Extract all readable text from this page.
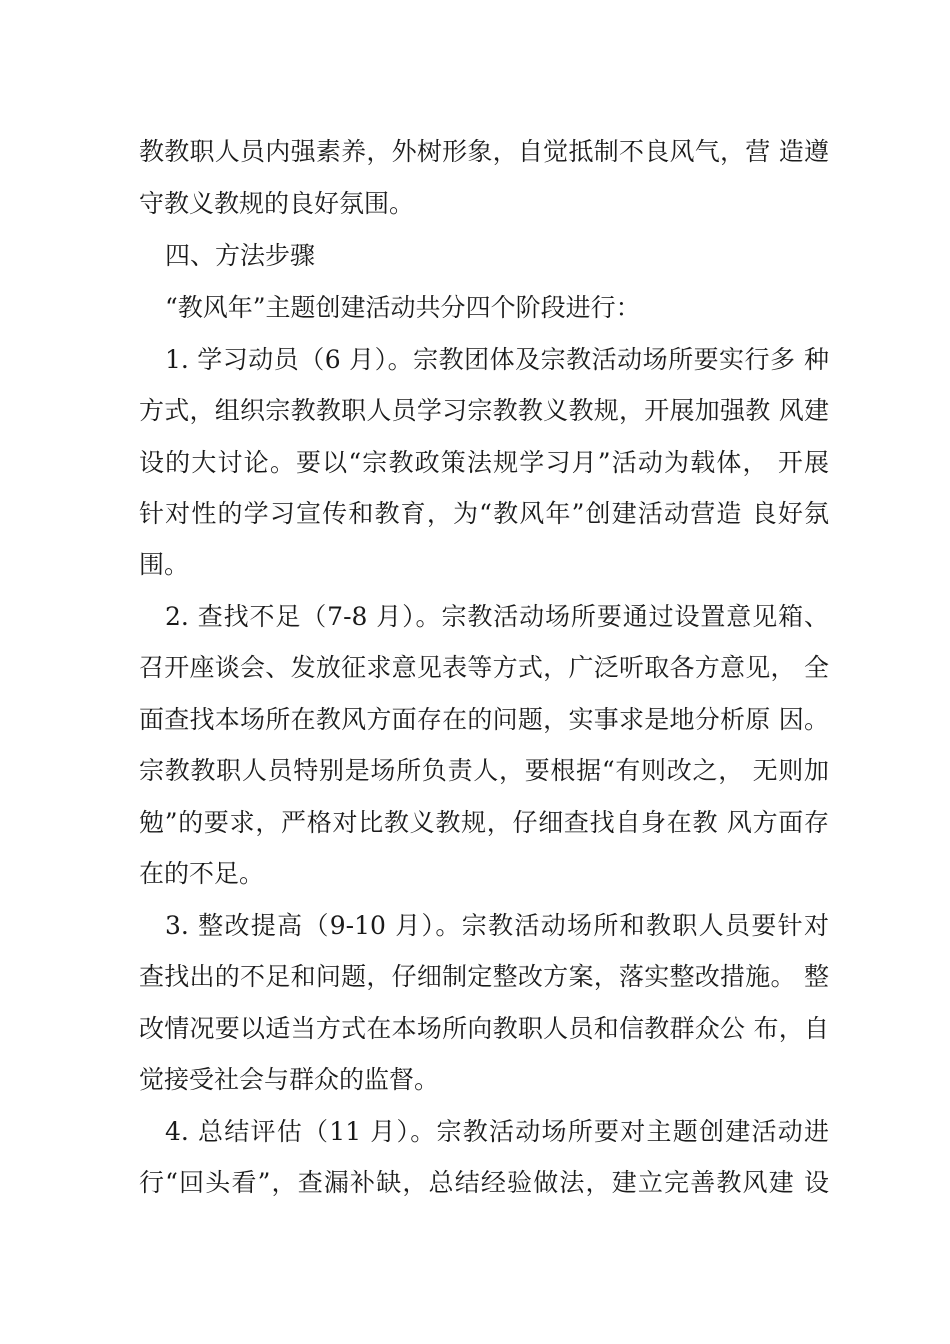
教教职人员内强素养，外树形象，自觉抵制不良风气，营 造遵
守教义教规的良好氛围。
四、方法步骤
“教风年”主题创建活动共分四个阶段进行：
1. 学习动员（6 月）。宗教团体及宗教活动场所要实行多 种
方式，组织宗教教职人员学习宗教教义教规，开展加强教 风建
设的大讨论。要以“宗教政策法规学习月”活动为载体， 开展
针对性的学习宣传和教育，为“教风年”创建活动营造 良好氛
围。
2. 查找不足（7-8 月）。宗教活动场所要通过设置意见箱、
召开座谈会、发放征求意见表等方式，广泛听取各方意见， 全
面查找本场所在教风方面存在的问题，实事求是地分析原 因。
宗教教职人员特别是场所负责人，要根据“有则改之， 无则加
勉”的要求，严格对比教义教规，仔细查找自身在教 风方面存
在的不足。
3. 整改提高（9-10 月）。宗教活动场所和教职人员要针对
查找出的不足和问题，仔细制定整改方案，落实整改措施。 整
改情况要以适当方式在本场所向教职人员和信教群众公 布，自
觉接受社会与群众的监督。
4. 总结评估（11 月）。宗教活动场所要对主题创建活动进
行“回头看”，查漏补缺，总结经验做法，建立完善教风建 设
